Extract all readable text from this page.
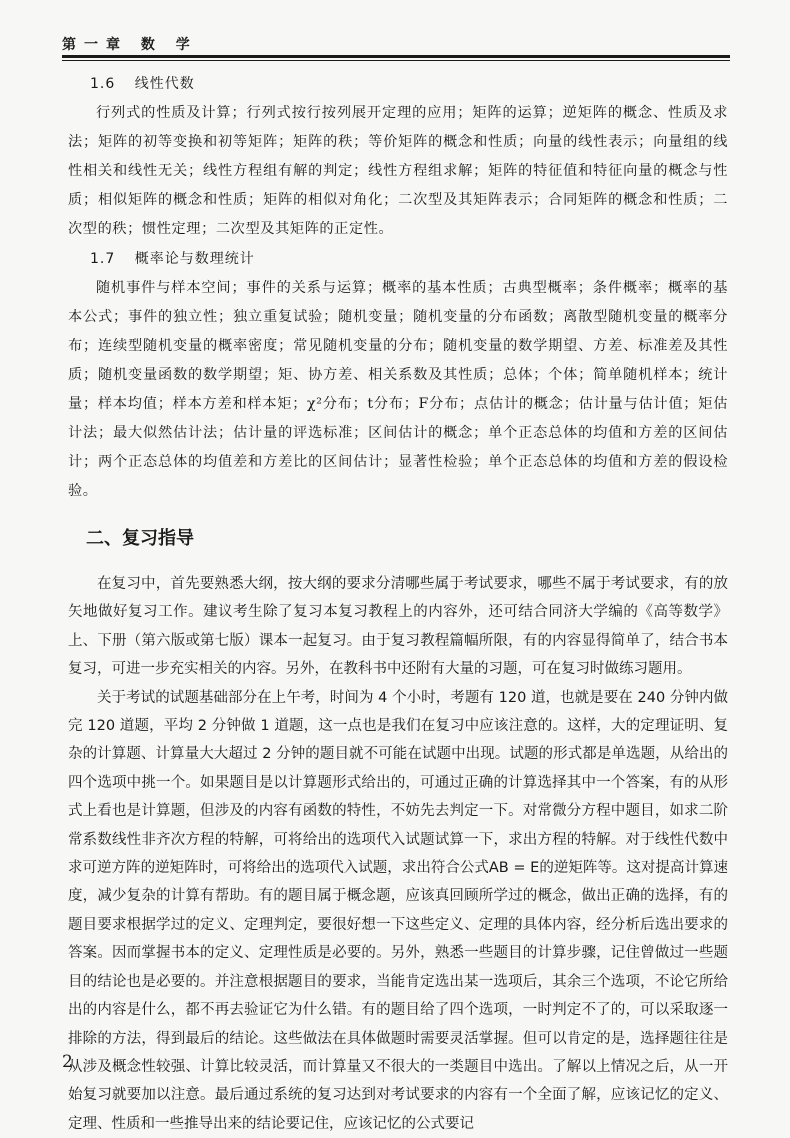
第一章 数 学
1.6 线性代数

行列式的性质及计算；行列式按行按列展开定理的应用；矩阵的运算；逆矩阵的概念、性质及求法；矩阵的初等变换和初等矩阵；矩阵的秩；等价矩阵的概念和性质；向量的线性表示；向量组的线性相关和线性无关；线性方程组有解的判定；线性方程组求解；矩阵的特征值和特征向量的概念与性质；相似矩阵的概念和性质；矩阵的相似对角化；二次型及其矩阵表示；合同矩阵的概念和性质；二次型的秩；惯性定理；二次型及其矩阵的正定性。

1.7 概率论与数理统计

随机事件与样本空间；事件的关系与运算；概率的基本性质；古典型概率；条件概率；概率的基本公式；事件的独立性；独立重复试验；随机变量；随机变量的分布函数；离散型随机变量的概率分布；连续型随机变量的概率密度；常见随机变量的分布；随机变量的数学期望、方差、标准差及其性质；随机变量函数的数学期望；矩、协方差、相关系数及其性质；总体；个体；简单随机样本；统计量；样本均值；样本方差和样本矩；χ²分布；t分布；F分布；点估计的概念；估计量与估计值；矩估计法；最大似然估计法；估计量的评选标准；区间估计的概念；单个正态总体的均值和方差的区间估计；两个正态总体的均值差和方差比的区间估计；显著性检验；单个正态总体的均值和方差的假设检验。

二、复习指导

在复习中，首先要熟悉大纲，按大纲的要求分清哪些属于考试要求，哪些不属于考试要求，有的放矢地做好复习工作。建议考生除了复习本复习教程上的内容外，还可结合同济大学编的《高等数学》上、下册（第六版或第七版）课本一起复习。由于复习教程篇幅所限，有的内容显得简单了，结合书本复习，可进一步充实相关的内容。另外，在教科书中还附有大量的习题，可在复习时做练习题用。

关于考试的试题基础部分在上午考，时间为 4 个小时，考题有 120 道，也就是要在 240 分钟内做完 120 道题，平均 2 分钟做 1 道题，这一点也是我们在复习中应该注意的。这样，大的定理证明、复杂的计算题、计算量大大超过 2 分钟的题目就不可能在试题中出现。试题的形式都是单选题，从给出的四个选项中挑一个。如果题目是以计算题形式给出的，可通过正确的计算选择其中一个答案，有的从形式上看也是计算题，但涉及的内容有函数的特性，不妨先去判定一下。对常微分方程中题目，如求二阶常系数线性非齐次方程的特解，可将给出的选项代入试题试算一下，求出方程的特解。对于线性代数中求可逆方阵的逆矩阵时，可将给出的选项代入试题，求出符合公式AB = E的逆矩阵等。这对提高计算速度，减少复杂的计算有帮助。有的题目属于概念题，应该真回顾所学过的概念，做出正确的选择，有的题目要求根据学过的定义、定理判定，要很好想一下这些定义、定理的具体内容，经分析后选出要求的答案。因而掌握书本的定义、定理性质是必要的。另外，熟悉一些题目的计算步骤，记住曾做过一些题目的结论也是必要的。并注意根据题目的要求，当能肯定选出某一选项后，其余三个选项，不论它所给出的内容是什么，都不再去验证它为什么错。有的题目给了四个选项，一时判定不了的，可以采取逐一排除的方法，得到最后的结论。这些做法在具体做题时需要灵活掌握。但可以肯定的是，选择题往往是从涉及概念性较强、计算比较灵活，而计算量又不很大的一类题目中选出。了解以上情况之后，从一开始复习就要加以注意。最后通过系统的复习达到对考试要求的内容有一个全面了解，应该记忆的定义、定理、性质和一些推导出来的结论要记住，应该记忆的公式要记

2
